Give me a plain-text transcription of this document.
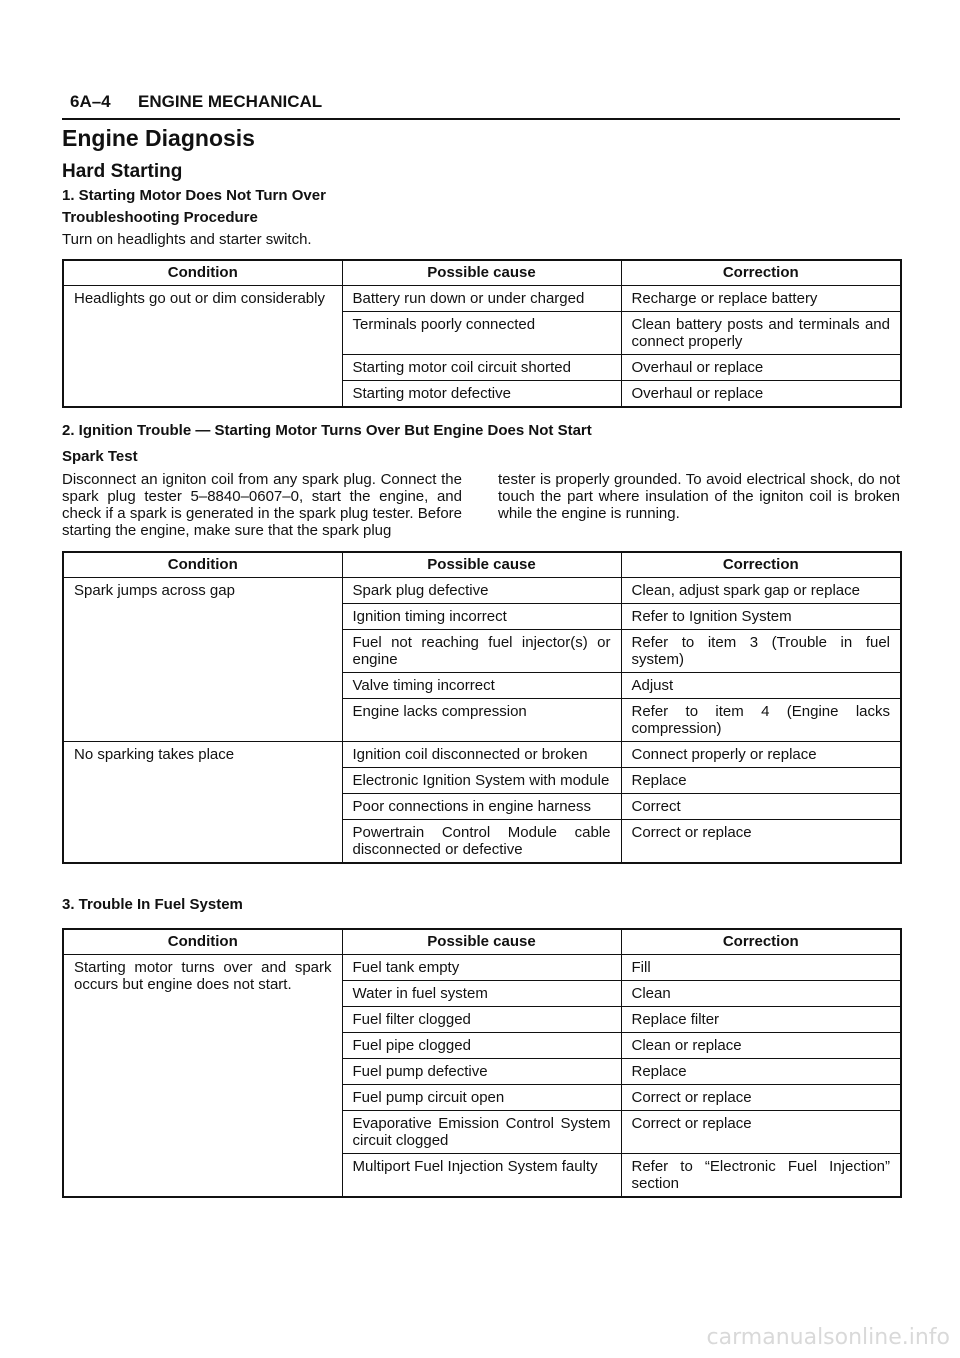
6A–4 ENGINE MECHANICAL
Engine Diagnosis
Hard Starting

1. Starting Motor Does Not Turn Over

Troubleshooting Procedure

Turn on headlights and starter switch.

Condition	Possible cause	Correction
Headlights go out or dim considerably	Battery run down or under charged	Recharge or replace battery
	Terminals poorly connected	Clean battery posts and terminals and connect properly
	Starting motor coil circuit shorted	Overhaul or replace
	Starting motor defective	Overhaul or replace

2. Ignition Trouble — Starting Motor Turns Over But Engine Does Not Start

Spark Test

Disconnect an igniton coil from any spark plug. Connect the spark plug tester 5–8840–0607–0, start the engine, and check if a spark is generated in the spark plug tester. Before starting the engine, make sure that the spark plug
tester is properly grounded. To avoid electrical shock, do not touch the part where insulation of the igniton coil is broken while the engine is running.
Condition	Possible cause	Correction
Spark jumps across gap	Spark plug defective	Clean, adjust spark gap or replace
	Ignition timing incorrect	Refer to Ignition System
	Fuel not reaching fuel injector(s) or engine	Refer to item 3 (Trouble in fuel system)
	Valve timing incorrect	Adjust
	Engine lacks compression	Refer to item 4 (Engine lacks compression)
No sparking takes place	Ignition coil disconnected or broken	Connect properly or replace
	Electronic Ignition System with module	Replace
	Poor connections in engine harness	Correct
	Powertrain Control Module cable disconnected or defective	Correct or replace

3. Trouble In Fuel System

Condition	Possible cause	Correction
Starting motor turns over and spark occurs but engine does not start.	Fuel tank empty	Fill
	Water in fuel system	Clean
	Fuel filter clogged	Replace filter
	Fuel pipe clogged	Clean or replace
	Fuel pump defective	Replace
	Fuel pump circuit open	Correct or replace
	Evaporative Emission Control System circuit clogged	Correct or replace
	Multiport Fuel Injection System faulty	Refer to “Electronic Fuel Injection” section
carmanualsonline.info
